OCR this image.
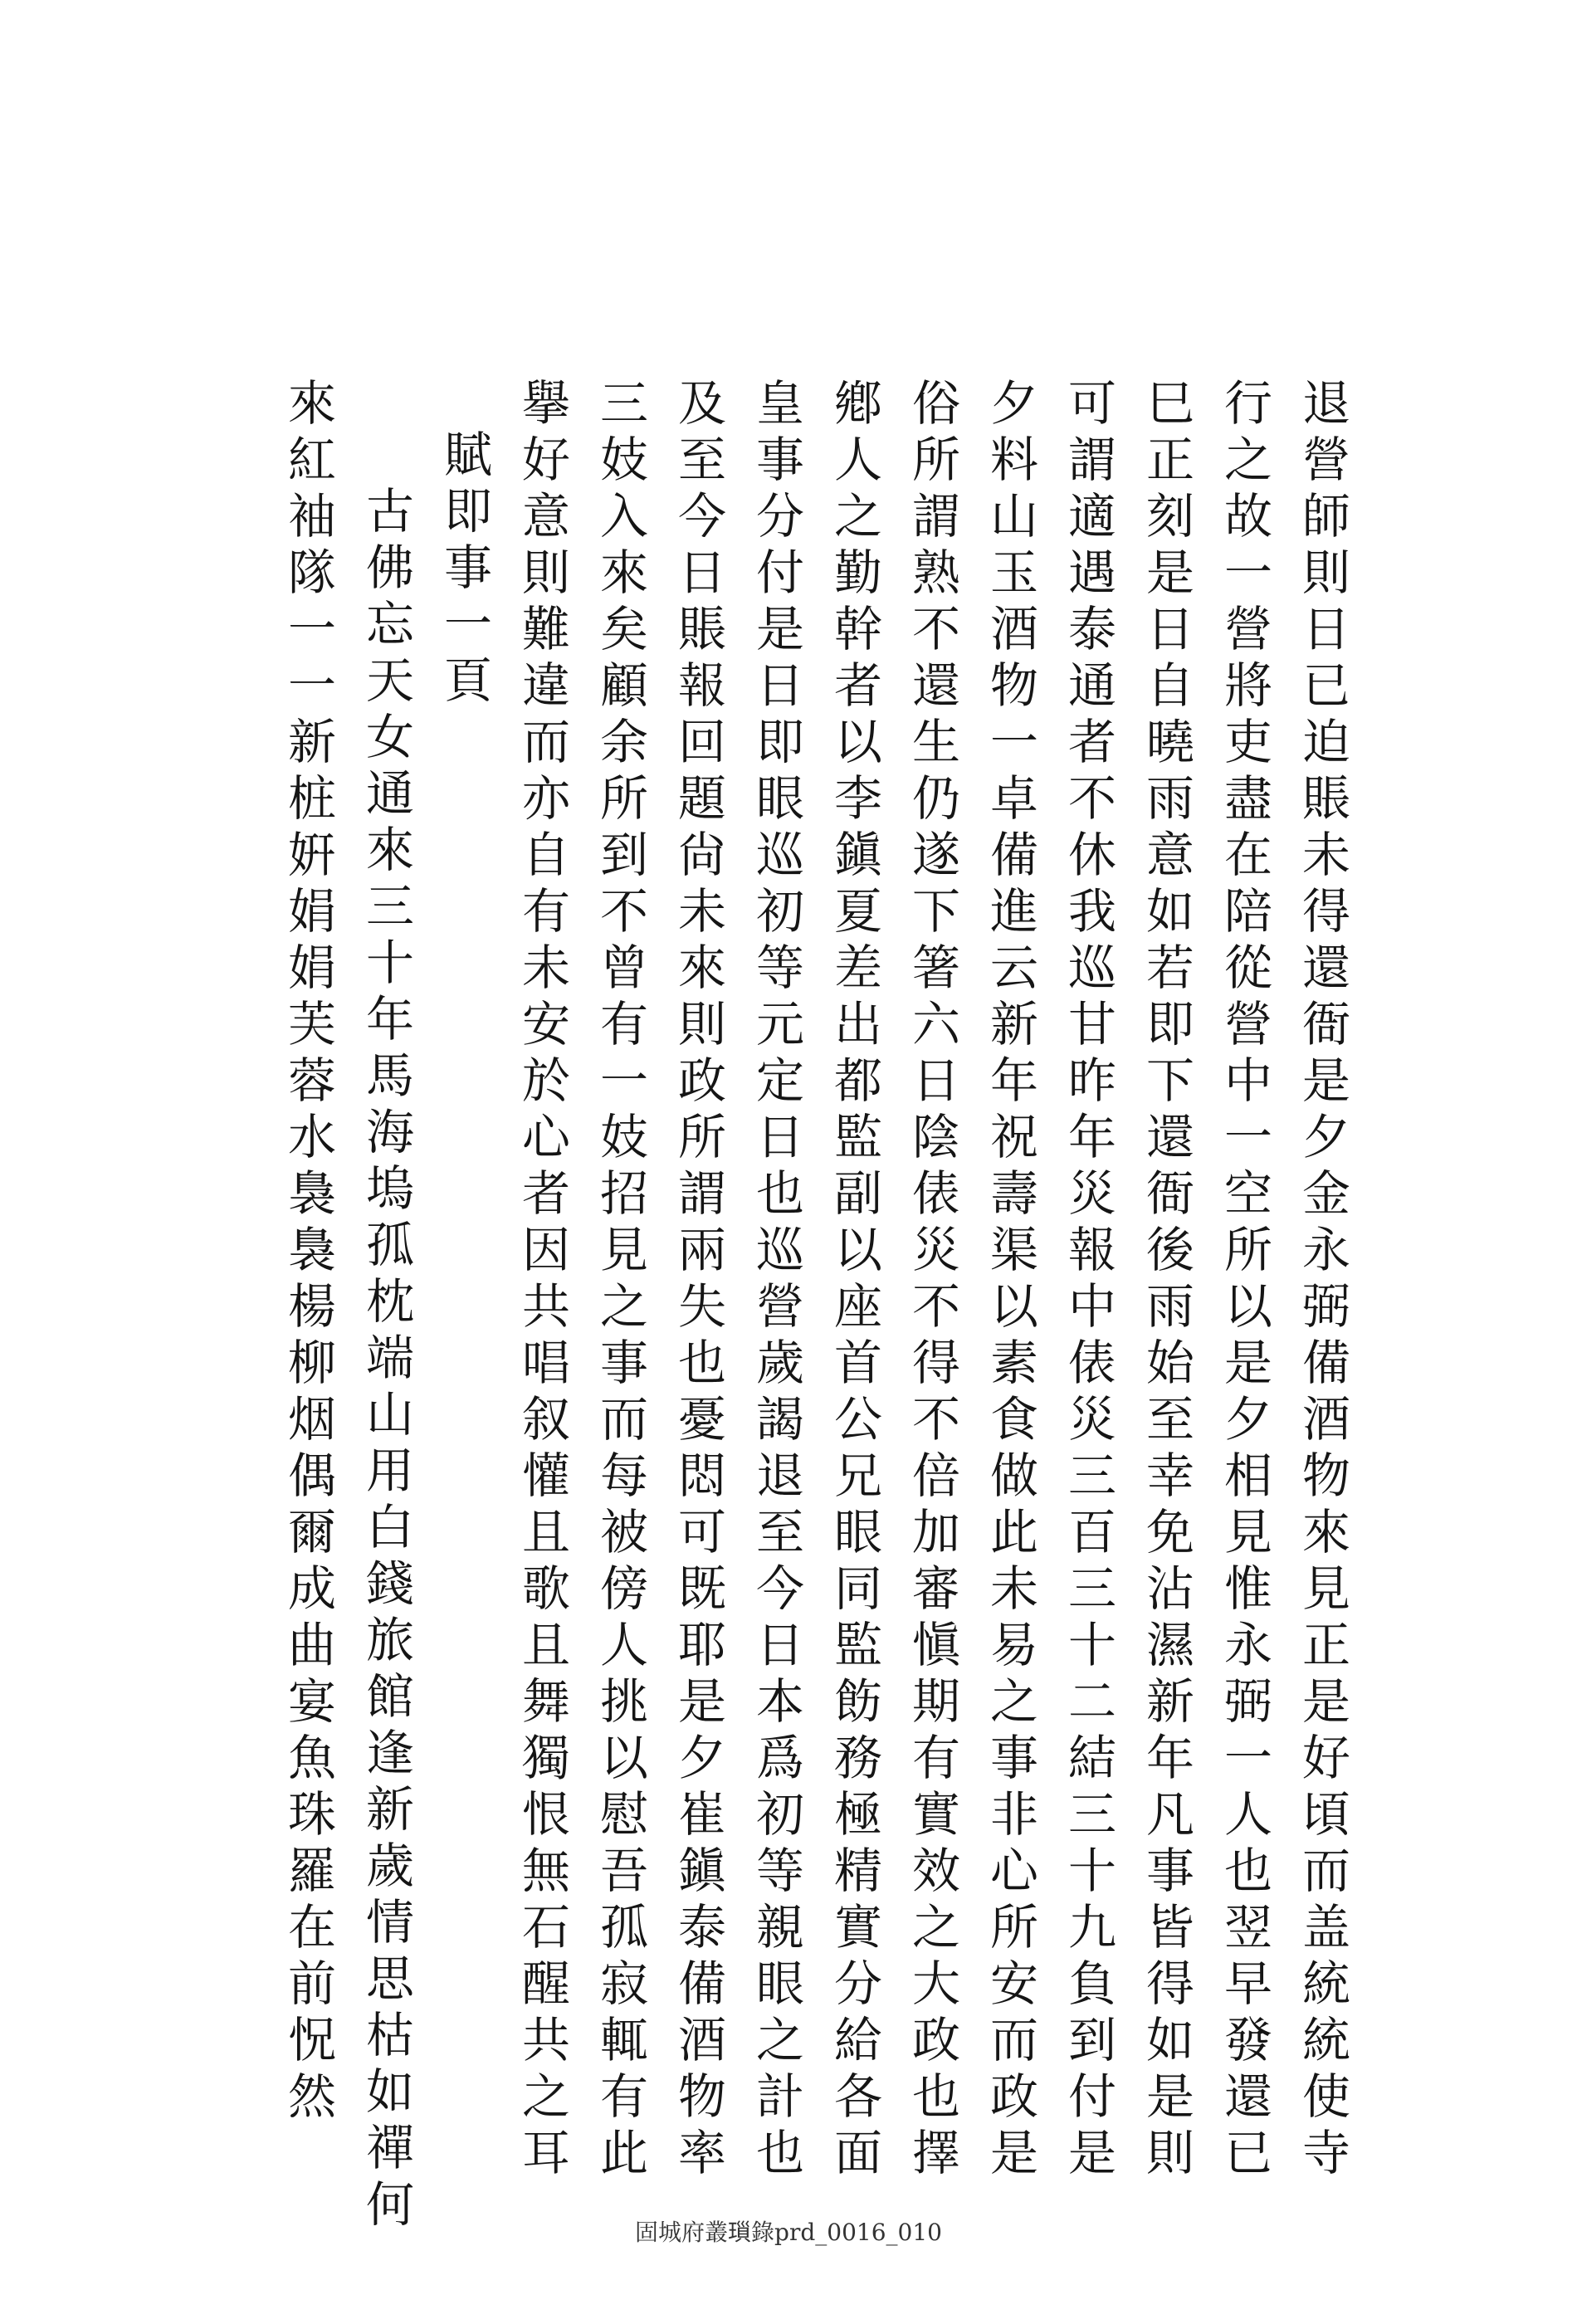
退營師則日已迫賬未得還衙是夕金永弼備酒物來見正是好頃而盖統統使寺
行之故一營將吏盡在陪從營中一空所以是夕相見惟永弼一人也翌早發還已
巳正刻是日自曉雨意如若即下還衙後雨始至幸免沾濕新年凡事皆得如是則
可謂適遇泰通者不休我巡甘昨年災報中俵災三百三十二結三十九負到付是
夕料山玉酒物一卓備進云新年祝壽渠以素食做此未易之事非心所安而政是
俗所謂熟不還生仍遂下箸六日陰俵災不得不倍加審愼期有實效之大政也擇
鄕人之勤幹者以李鎭夏差出都監副以座首公兄眼同監飭務極精實分給各面
皇事分付是日即眼巡初等元定日也巡營歲謁退至今日本爲初等親眼之計也
及至今日賬報回題尙未來則政所謂兩失也憂悶可既耶是夕崔鎭泰備酒物率
三妓入來矣顧余所到不曾有一妓招見之事而每被傍人挑以慰吾孤寂輒有此
擧好意則難違而亦自有未安於心者因共唱叙懽且歌且舞獨恨無石醒共之耳
賦即事一頁
古佛忘天女通來三十年馬海塢孤枕端山用白錢旅館逢新歲情思枯如禪何
來紅袖隊一一新桩姸娟娟芙蓉水裊裊楊柳烟偶爾成曲宴魚珠羅在前怳然
固城府叢𤨏錄prd_0016_010
